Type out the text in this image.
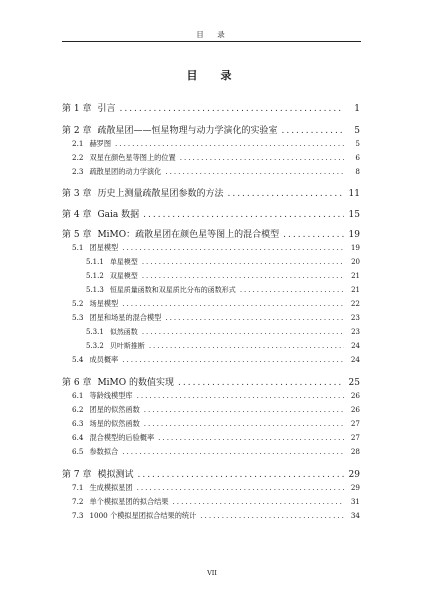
目　录
目　录
第 1 章 引言 .....	1
第 2 章 疏散星团——恒星物理与动力学演化的实验室 .....	5
2.1 赫罗图 .....	5
2.2 双星在颜色星等图上的位置 .....	6
2.3 疏散星团的动力学演化 .....	8
第 3 章 历史上测量疏散星团参数的方法 .....	11
第 4 章 Gaia 数据 .....	15
第 5 章 MiMO：疏散星团在颜色星等图上的混合模型 .....	19
5.1 团星模型 .....	19
5.1.1 单星模型 .....	20
5.1.2 双星模型 .....	21
5.1.3 恒星质量函数和双星质比分布的函数形式 .....	21
5.2 场星模型 .....	22
5.3 团星和场星的混合模型 .....	23
5.3.1 似然函数 .....	23
5.3.2 贝叶斯推断 .....	24
5.4 成员概率 .....	24
第 6 章 MiMO 的数值实现 .....	25
6.1 等龄线模型库 .....	26
6.2 团星的似然函数 .....	26
6.3 场星的似然函数 .....	27
6.4 混合模型的后验概率 .....	27
6.5 参数拟合 .....	28
第 7 章 模拟测试 .....	29
7.1 生成模拟星团 .....	29
7.2 单个模拟星团的拟合结果 .....	31
7.3 1000 个模拟星团拟合结果的统计 .....	34
VII
